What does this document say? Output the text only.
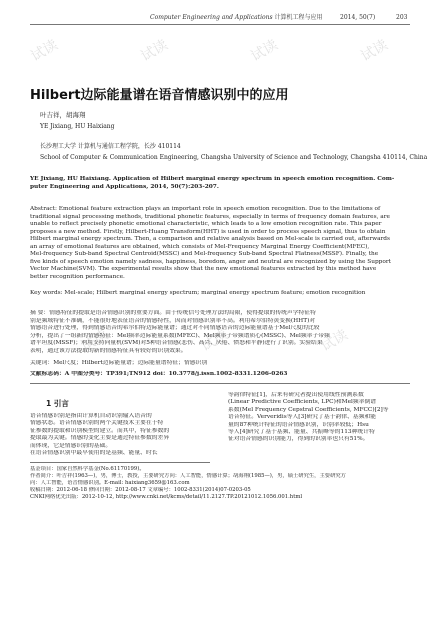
试读	试读	试读	试读
试读	试读	试读
Computer Engineering and Applications 计算机工程与应用	2014, 50(7)	203
Hilbert边际能量谱在语音情感识别中的应用
叶吉祥，胡海翔
YE Jixiang, HU Haixiang
长沙理工大学 计算机与通信工程学院，长沙 410114
School of Computer & Communication Engineering, Changsha University of Science and Technology, Changsha 410114, China
YE Jixiang, HU Haixiang. Application of Hilbert marginal energy spectrum in speech emotion recognition. Com-
puter Engineering and Applications, 2014, 50(7):203-207.
Abstract: Emotional feature extraction plays an important role in speech emotion recognition. Due to the limitations of
traditional signal processing methods, traditional phonetic features, especially in terms of frequency domain features, are
unable to reflect precisely phonetic emotional characteristic, which leads to a low emotion recognition rate. This paper
proposes a new method. Firstly, Hilbert-Huang Transform(HHT) is used in order to process speech signal, thus to obtain
Hilbert marginal energy spectrum. Then, a comparison and relative analysis based on Mel-scale is carried out, afterwards
an array of emotional features are obtained, which consists of Mel-Frequency Marginal Energy Coefficient(MFEC),
Mel-frequency Sub-band Spectral Centroid(MSSC) and Mel-frequency Sub-band Spectral Flatness(MSSF). Finally, the
five kinds of speech emotion namely sadness, happiness, boredom, anger and neutral are recognized by using the Support
Vector Machine(SVM). The experimental results show that the new emotional features extracted by this method have
better recognition performance.
Key words: Mel-scale; Hilbert marginal energy spectrum; marginal energy spectrum feature; emotion recognition
摘 要：情感特征的提取是语音情感识别的重要方面。由于传统信号处理方法的局限，使得提取的传统声学特征特
别是频域特征不准确，不能很好地表征语音的情感特性，因而对情感识别率不高。利用希尔伯特黄变换(HHT)对
情感语音进行处理，得到情感语音的希尔伯特边际能量谱；通过对不同情感语音的边际能量谱基于Mel尺度的比较
分析，提出了一组新的情感特征：Mel频率边际能量系数(MFEC)、Mel频率子带频谱质心(MSSC)、Mel频率子带频
谱平坦度(MSSF)；利用支持向量机(SVM)对5种语音情感(悲伤、高兴、厌倦、愤怒和平静)进行了识别。实验结果
表明，通过该方法提取的新的情感特征具有较好的识别效果。
关键词：Mel尺度；Hilbert边际能量谱；边际能量谱特征；情感识别
文献标志码：A 中图分类号：TP391;TN912 doi：10.3778/j.issn.1002-8331.1206-0263
1 引言
语音情感识别是指由计算机自动识别输入语音的
情感状态。语音情感识别的两个关键技术主要在于特
征参数的提取和识别模型的建立。而其中，特征参数的
提取最为关键。情感的变化主要是通过特征参数的差异
而体现，它是情感识别的基础。
在语音情感识别中最早使用的是基频、能量、时长
等韵律特征[1]，后来有研究者提出使用线性预测系数
(Linear Predictive Coefficients, LPC)和Mel频率倒谱
系数(Mel Frequency Cepstral Coefficients, MFCC)[2]等
语音特征。Ververidis等人[3]研究了基于韵律、基频和能
量的87种统计特征的语音情感识别，识别率较低；Hsu
等人[4]研究了基于基频、能量、共振峰等的113种统计特
征对语音情感的识别能力，得到的识别率也只有51%。
基金项目：国家自然科学基金(No.61170199)。
作者简介：叶吉祥(1963—)，男，博士，教授，主要研究方向：人工智能，情感计算；胡海翔(1985—)，男，硕士研究生，主要研究方
向：人工智能，语音情感识别。E-mail: haixiang3659@163.com
收稿日期：2012-06-18 修回日期：2012-08-17 文章编号：1002-8331(2014)07-0203-05
CNKI网络优先出版：2012-10-12, http://www.cnki.net/kcms/detail/11.2127.TP.20121012.1056.001.html
